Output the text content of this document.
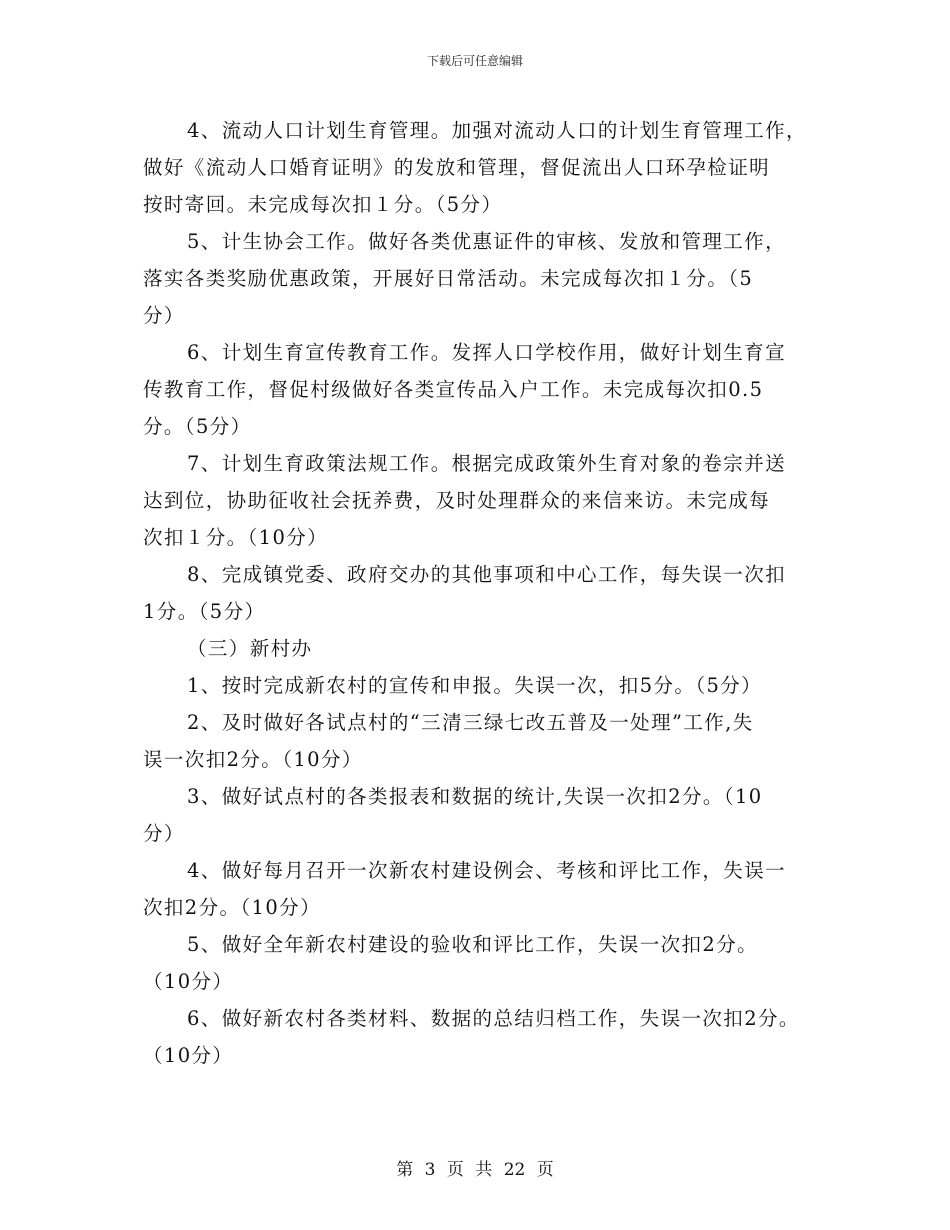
下载后可任意编辑
4、流动人口计划生育管理。加强对流动人口的计划生育管理工作，
做好《流动人口婚育证明》的发放和管理，督促流出人口环孕检证明
按时寄回。未完成每次扣１分。（5分）
5、计生协会工作。做好各类优惠证件的审核、发放和管理工作，
落实各类奖励优惠政策，开展好日常活动。未完成每次扣１分。（5
分）
6、计划生育宣传教育工作。发挥人口学校作用，做好计划生育宣
传教育工作，督促村级做好各类宣传品入户工作。未完成每次扣0.5
分。（5分）
7、计划生育政策法规工作。根据完成政策外生育对象的卷宗并送
达到位，协助征收社会抚养费，及时处理群众的来信来访。未完成每
次扣１分。（10分）
8、完成镇党委、政府交办的其他事项和中心工作，每失误一次扣
1分。（5分）
（三）新村办
1、按时完成新农村的宣传和申报。失误一次，扣5分。（5分）
2、及时做好各试点村的“三清三绿七改五普及一处理”工作,失
误一次扣2分。（10分）
3、做好试点村的各类报表和数据的统计,失误一次扣2分。（10
分）
4、做好每月召开一次新农村建设例会、考核和评比工作，失误一
次扣2分。（10分）
5、做好全年新农村建设的验收和评比工作，失误一次扣2分。
（10分）
6、做好新农村各类材料、数据的总结归档工作，失误一次扣2分。
（10分）
第 3 页 共 22 页
